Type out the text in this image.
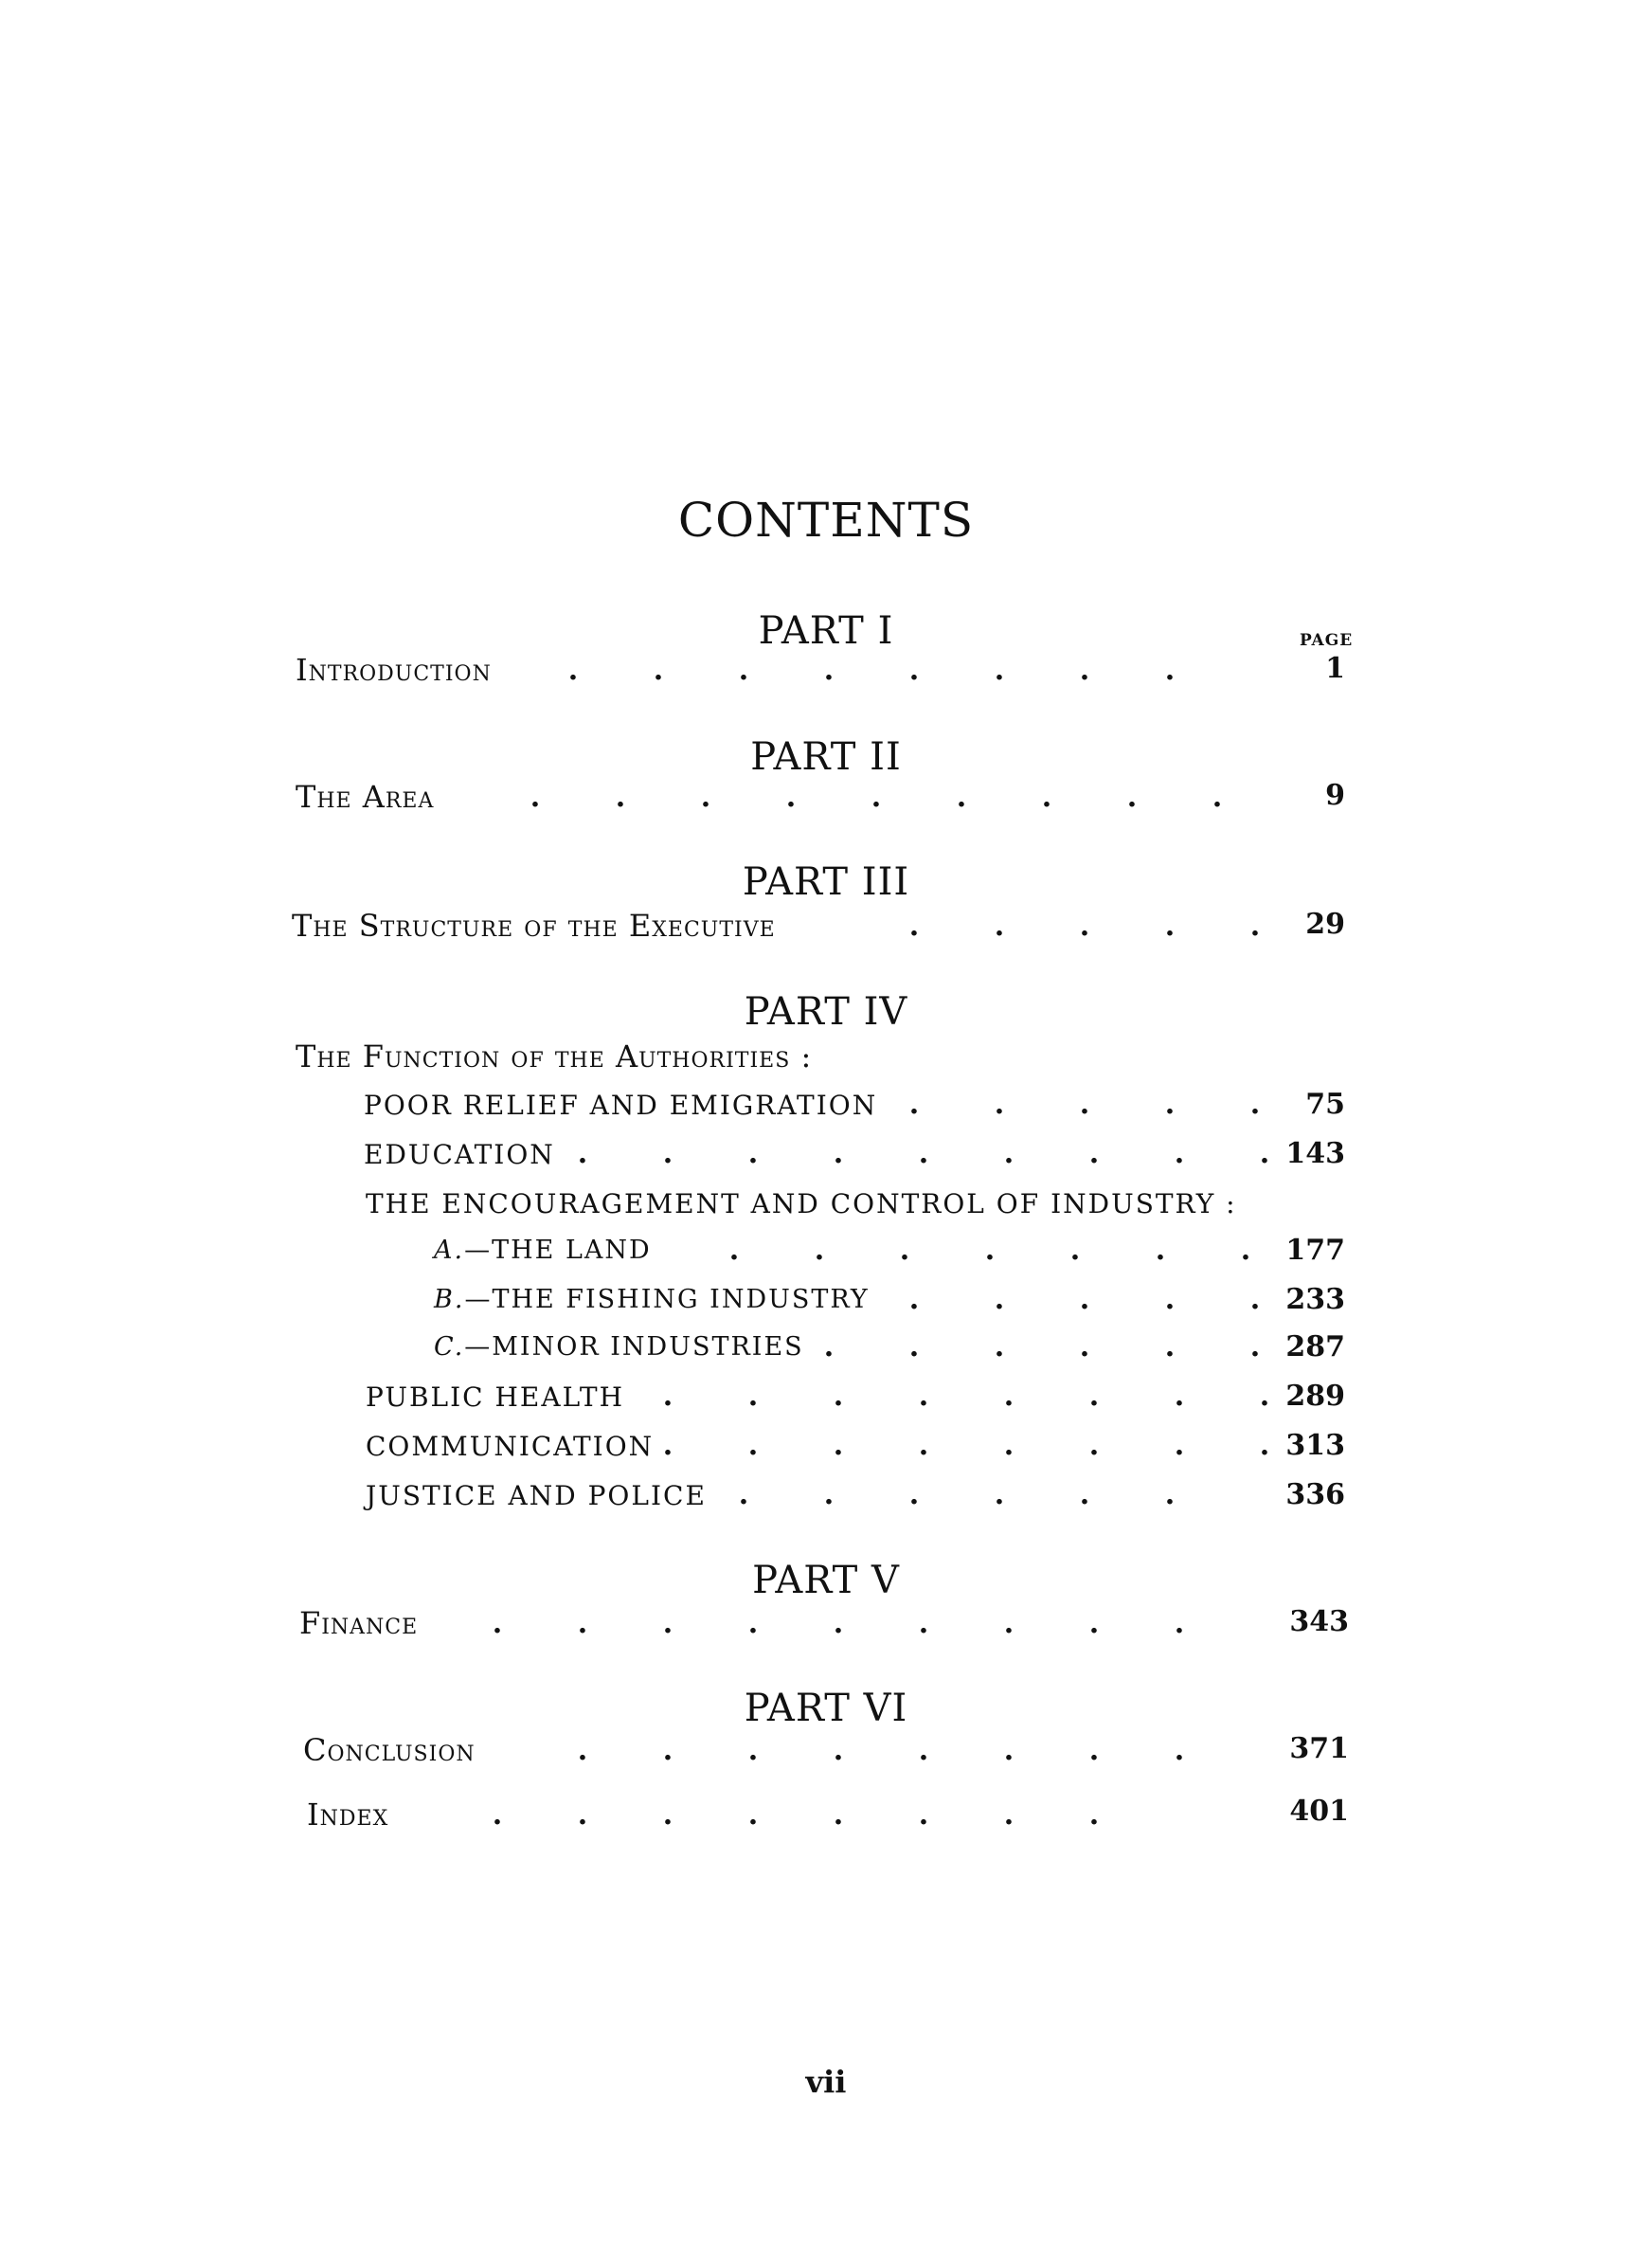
CONTENTS
PART I	PAGE
Introduction	.	.	.	.	.	.	.	.	1
PART II
The Area	.	.	.	.	.	.	.	.	.	9
PART III
The Structure of the Executive	.	.	.	.	.	29
PART IV
The Function of the Authorities :
POOR RELIEF AND EMIGRATION	.	.	.	.	.	75
EDUCATION .	.	.	.	.	.	.	.	. 143
THE ENCOURAGEMENT AND CONTROL OF INDUSTRY :
A.—THE LAND	.	.	.	.	.	.	.	177
B.—THE FISHING INDUSTRY	.	.	.	.	. 233
C.—MINOR INDUSTRIES .	.	.	.	.	. 287
PUBLIC HEALTH	.	.	.	.	.	.	.	. 289
COMMUNICATION .	.	.	.	.	.	.	. 313
JUSTICE AND POLICE	.	.	.	.	.	.	336
PART V
Finance	.	.	.	.	.	.	.	.	.	343
PART VI
Conclusion	.	.	.	.	.	.	.	.	371
Index	.	.	.	.	.	.	.	.	401
vii
